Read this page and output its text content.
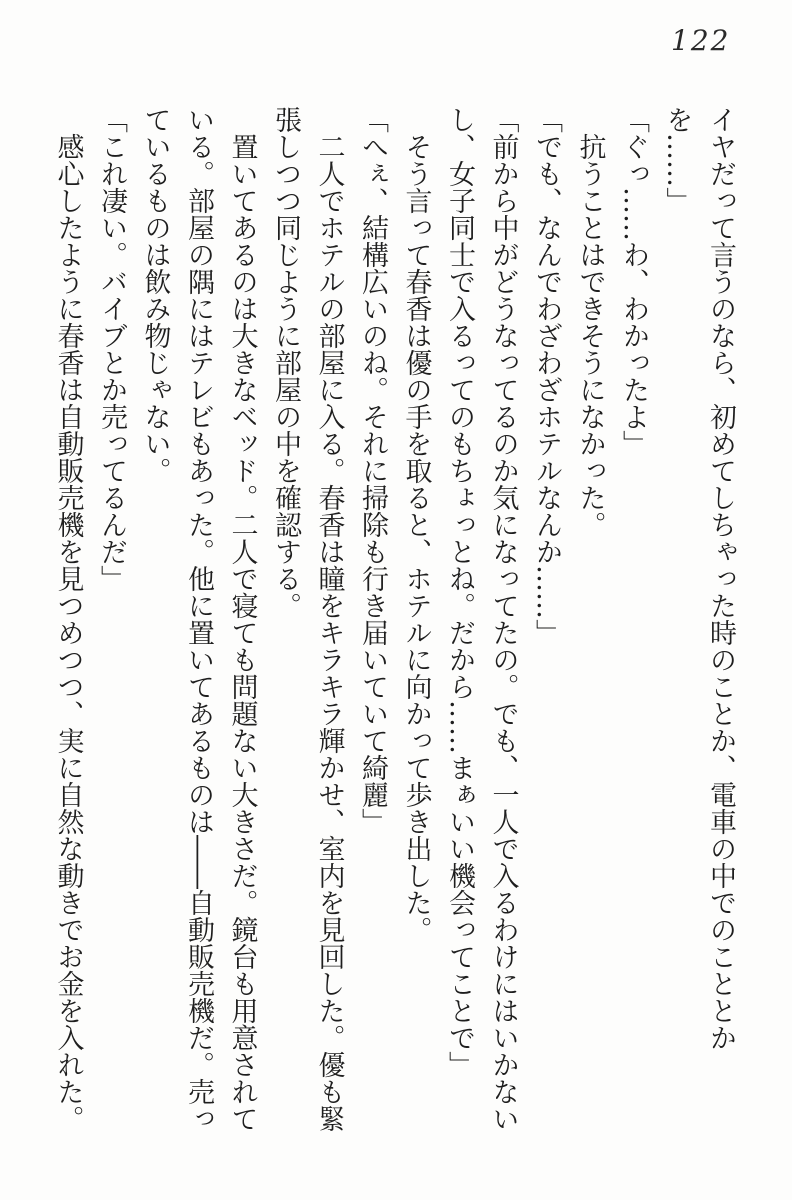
122

イヤだって言うのなら、初めてしちゃった時のことか、電車の中でのこととかを……」

「ぐっ……わ、わかったよ」

抗うことはできそうになかった。

「でも、なんでわざわざホテルなんか……」

「前から中がどうなってるのか気になってたの。でも、一人で入るわけにはいかないし、女子同士で入るってのもちょっとね。だから……まぁいい機会ってことで」

そう言って春香は優の手を取ると、ホテルに向かって歩き出した。

「へぇ、結構広いのね。それに掃除も行き届いていて綺麗」

二人でホテルの部屋に入る。春香は瞳をキラキラ輝かせ、室内を見回した。優も緊張しつつ同じように部屋の中を確認する。

置いてあるのは大きなベッド。二人で寝ても問題ない大きさだ。鏡台も用意されている。部屋の隅にはテレビもあった。他に置いてあるものは――自動販売機だ。売っているものは飲み物じゃない。

「これ凄い。バイブとか売ってるんだ」

感心したように春香は自動販売機を見つめつつ、実に自然な動きでお金を入れた。
